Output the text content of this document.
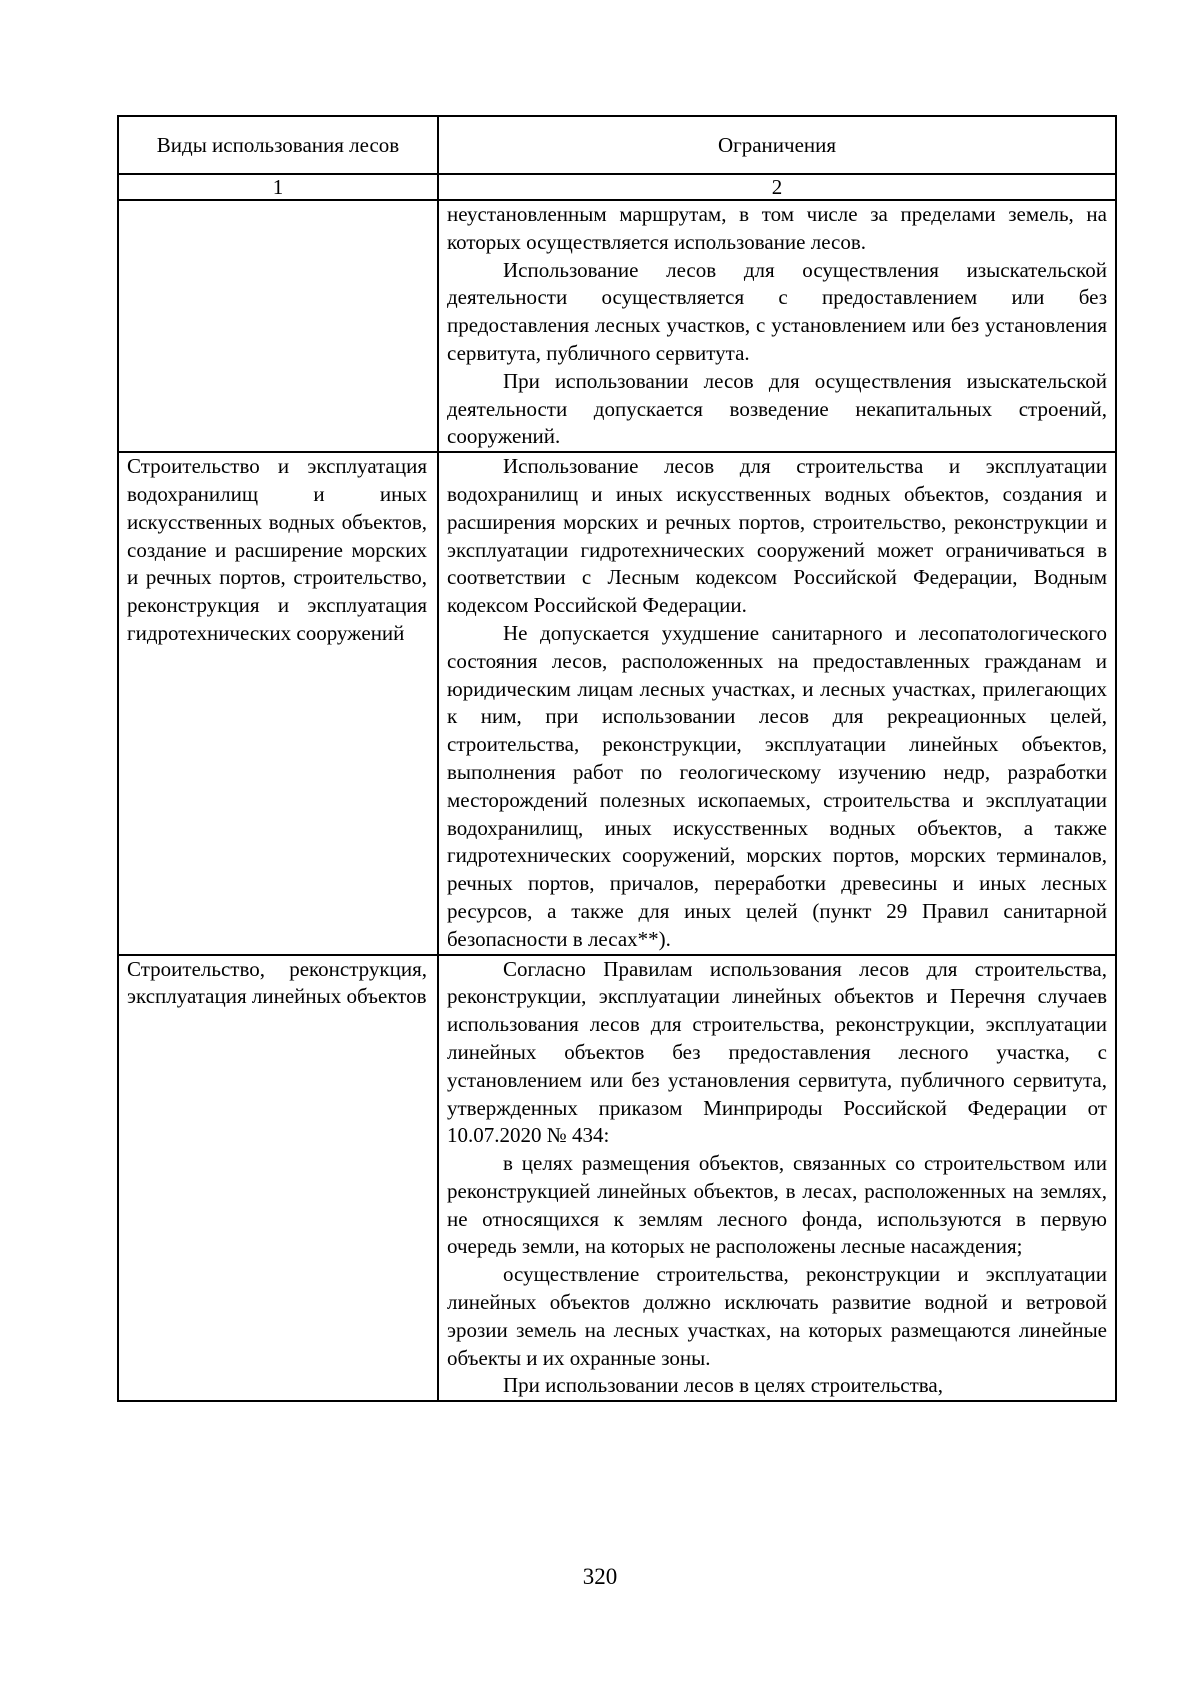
Виды использования лесов	Ограничения
1	2

	неустановленным маршрутам, в том числе за пределами земель, на которых осуществляется использование лесов.

Использование лесов для осуществления изыскательской деятельности осуществляется с предоставлением или без предоставления лесных участков, с установлением или без установления сервитута, публичного сервитута.

При использовании лесов для осуществления изыскательской деятельности допускается возведение некапитальных строений, сооружений.

Строительство и эксплуатация водохранилищ и иных искусственных водных объектов, создание и расширение морских и речных портов, строительство, реконструкция и эксплуатация гидротехнических сооружений	Использование лесов для строительства и эксплуатации водохранилищ и иных искусственных водных объектов, создания и расширения морских и речных портов, строительство, реконструкции и эксплуатации гидротехнических сооружений может ограничиваться в соответствии с Лесным кодексом Российской Федерации, Водным кодексом Российской Федерации.

Не допускается ухудшение санитарного и лесопатологического состояния лесов, расположенных на предоставленных гражданам и юридическим лицам лесных участках, и лесных участках, прилегающих к ним, при использовании лесов для рекреационных целей, строительства, реконструкции, эксплуатации линейных объектов, выполнения работ по геологическому изучению недр, разработки месторождений полезных ископаемых, строительства и эксплуатации водохранилищ, иных искусственных водных объектов, а также гидротехнических сооружений, морских портов, морских терминалов, речных портов, причалов, переработки древесины и иных лесных ресурсов, а также для иных целей (пункт 29 Правил санитарной безопасности в лесах**).

Строительство, реконструкция, эксплуатация линейных объектов	Согласно Правилам использования лесов для строительства, реконструкции, эксплуатации линейных объектов и Перечня случаев использования лесов для строительства, реконструкции, эксплуатации линейных объектов без предоставления лесного участка, с установлением или без установления сервитута, публичного сервитута, утвержденных приказом Минприроды Российской Федерации от 10.07.2020 № 434:

в целях размещения объектов, связанных со строительством или реконструкцией линейных объектов, в лесах, расположенных на землях, не относящихся к землям лесного фонда, используются в первую очередь земли, на которых не расположены лесные насаждения;

осуществление строительства, реконструкции и эксплуатации линейных объектов должно исключать развитие водной и ветровой эрозии земель на лесных участках, на которых размещаются линейные объекты и их охранные зоны.

При использовании лесов в целях строительства,

320
